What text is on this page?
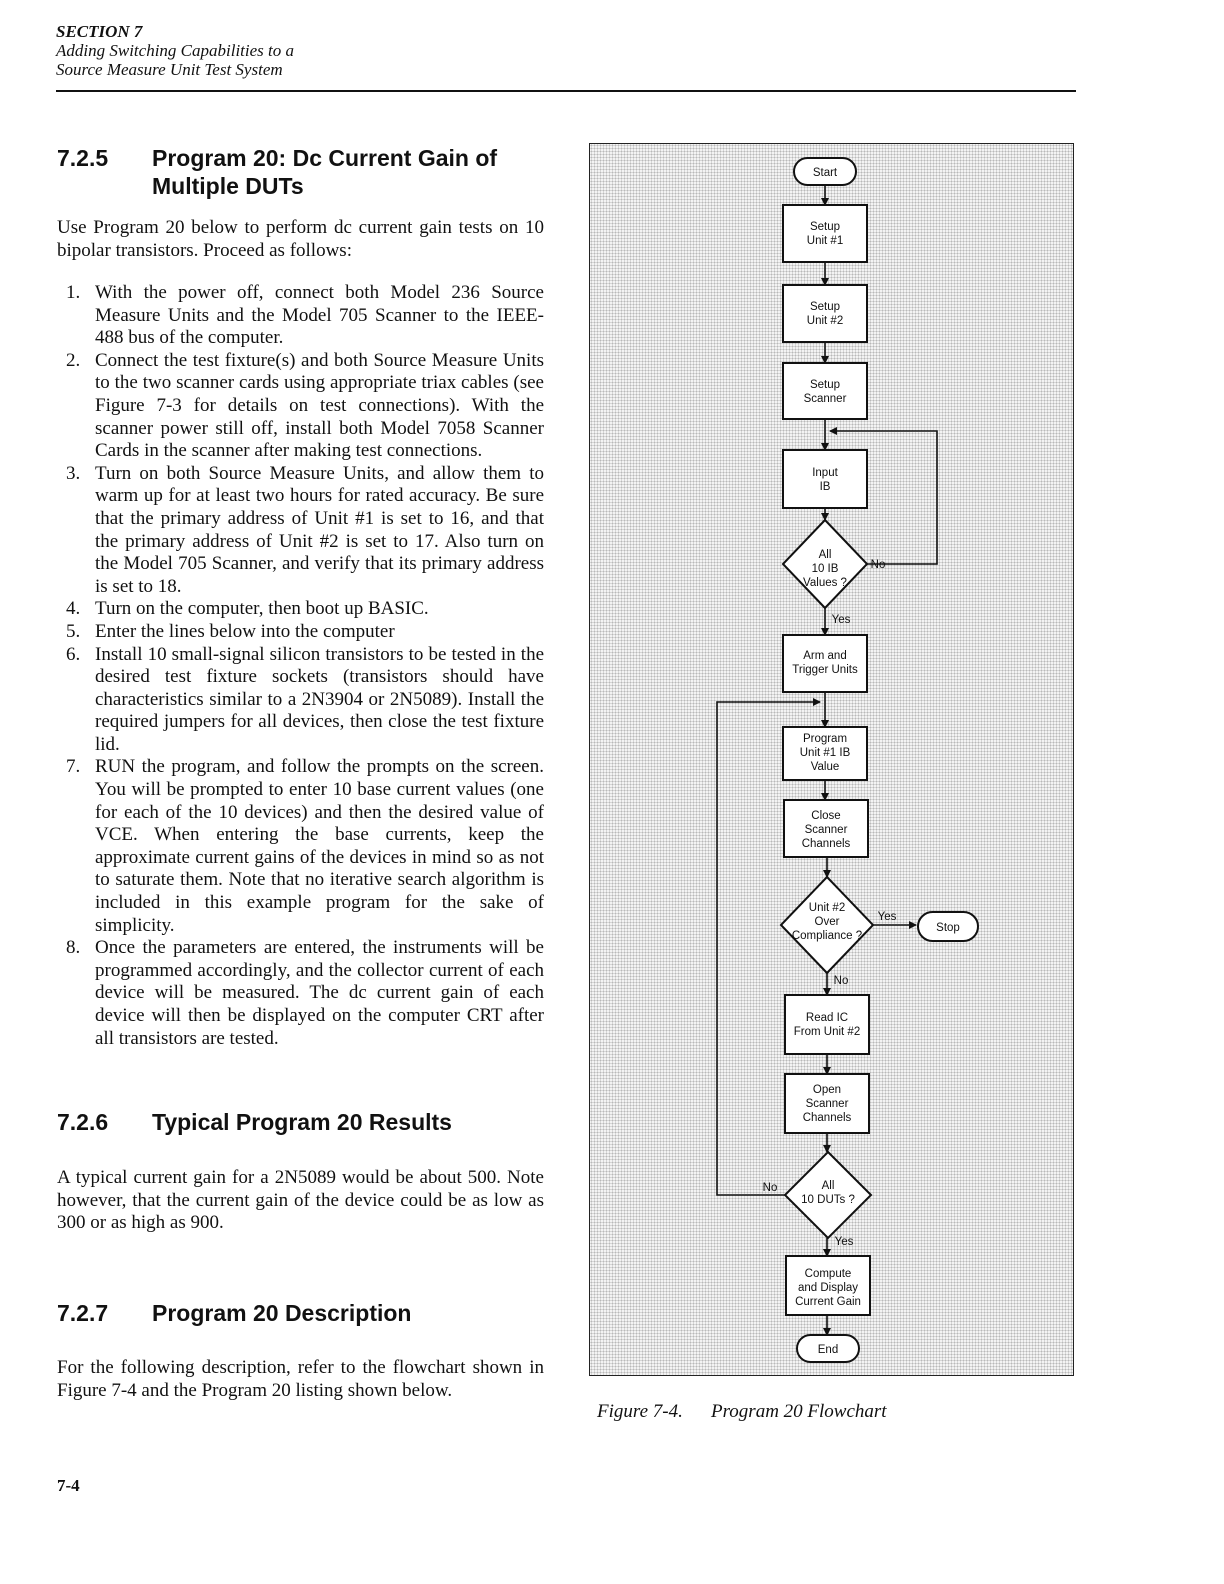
SECTION 7
Adding Switching Capabilities to a
Source Measure Unit Test System
7.2.5 Program 20: Dc Current Gain of Multiple DUTs
Use Program 20 below to perform dc current gain tests on 10 bipolar transistors. Proceed as follows:
1. With the power off, connect both Model 236 Source Measure Units and the Model 705 Scanner to the IEEE-488 bus of the computer.
2. Connect the test fixture(s) and both Source Measure Units to the two scanner cards using appropriate triax cables (see Figure 7-3 for details on test connections). With the scanner power still off, install both Model 7058 Scanner Cards in the scanner after making test connections.
3. Turn on both Source Measure Units, and allow them to warm up for at least two hours for rated accuracy. Be sure that the primary address of Unit #1 is set to 16, and that the primary address of Unit #2 is set to 17. Also turn on the Model 705 Scanner, and verify that its primary address is set to 18.
4. Turn on the computer, then boot up BASIC.
5. Enter the lines below into the computer
6. Install 10 small-signal silicon transistors to be tested in the desired test fixture sockets (transistors should have characteristics similar to a 2N3904 or 2N5089). Install the required jumpers for all devices, then close the test fixture lid.
7. RUN the program, and follow the prompts on the screen. You will be prompted to enter 10 base current values (one for each of the 10 devices) and then the desired value of VCE. When entering the base currents, keep the approximate current gains of the devices in mind so as not to saturate them. Note that no iterative search algorithm is included in this example program for the sake of simplicity.
8. Once the parameters are entered, the instruments will be programmed accordingly, and the collector current of each device will be measured. The dc current gain of each device will then be displayed on the computer CRT after all transistors are tested.
7.2.6 Typical Program 20 Results
A typical current gain for a 2N5089 would be about 500. Note however, that the current gain of the device could be as low as 300 or as high as 900.
7.2.7 Program 20 Description
For the following description, refer to the flowchart shown in Figure 7-4 and the Program 20 listing shown below.
7-4
Start
Setup
Unit #1
Setup
Unit #2
Setup
Scanner
Input
IB
All
10 IB
Values ?
No
Yes
Arm and
Trigger Units
Program
Unit #1 IB
Value
Close
Scanner
Channels
Unit #2
Over
Compliance ?
Yes
No
Stop
Read IC
From Unit #2
Open
Scanner
Channels
All
10 DUTs ?
No
Yes
Compute
and Display
Current Gain
End
Figure 7-4. Program 20 Flowchart
